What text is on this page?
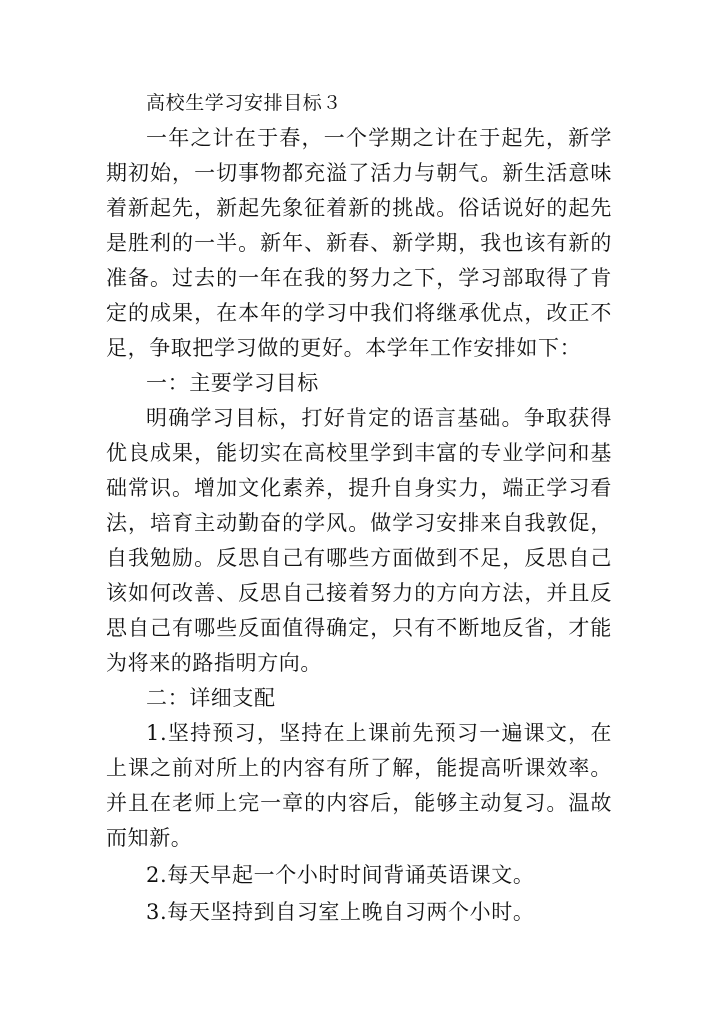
高校生学习安排目标３

一年之计在于春，一个学期之计在于起先，新学期初始，一切事物都充溢了活力与朝气。新生活意味着新起先，新起先象征着新的挑战。俗话说好的起先是胜利的一半。新年、新春、新学期，我也该有新的准备。过去的一年在我的努力之下，学习部取得了肯定的成果，在本年的学习中我们将继承优点，改正不足，争取把学习做的更好。本学年工作安排如下：

一：主要学习目标

明确学习目标，打好肯定的语言基础。争取获得优良成果，能切实在高校里学到丰富的专业学问和基础常识。增加文化素养，提升自身实力，端正学习看法，培育主动勤奋的学风。做学习安排来自我敦促，自我勉励。反思自己有哪些方面做到不足，反思自己该如何改善、反思自己接着努力的方向方法，并且反思自己有哪些反面值得确定，只有不断地反省，才能为将来的路指明方向。

二：详细支配

1.坚持预习，坚持在上课前先预习一遍课文，在上课之前对所上的内容有所了解，能提高听课效率。并且在老师上完一章的内容后，能够主动复习。温故而知新。

2.每天早起一个小时时间背诵英语课文。

3.每天坚持到自习室上晚自习两个小时。
